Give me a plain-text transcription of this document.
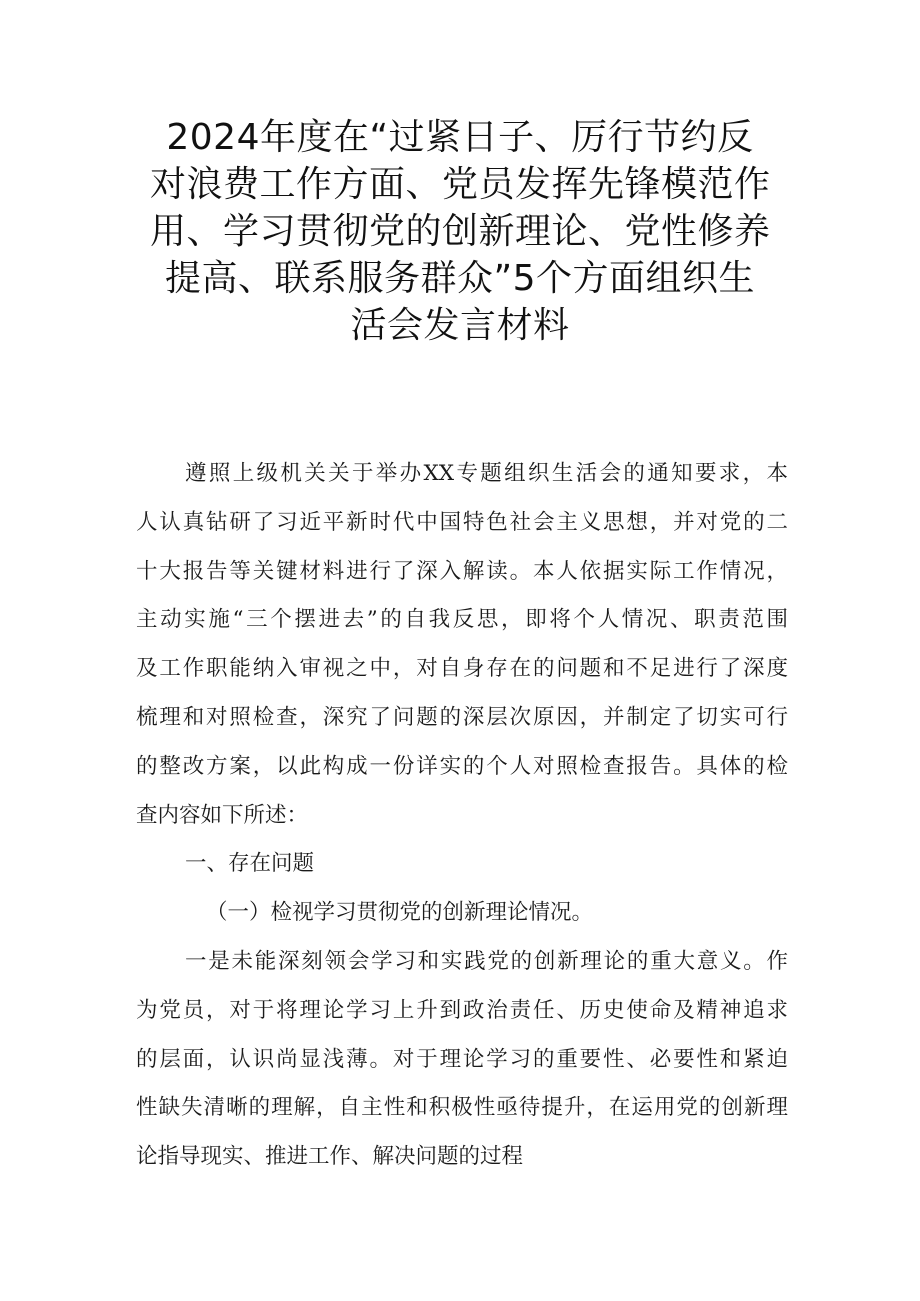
2024年度在“过紧日子、厉行节约反
对浪费工作方面、党员发挥先锋模范作
用、学习贯彻党的创新理论、党性修养
提高、联系服务群众”5个方面组织生
活会发言材料
遵照上级机关关于举办XX专题组织生活会的通知要求，本
人认真钻研了习近平新时代中国特色社会主义思想，并对党的二
十大报告等关键材料进行了深入解读。本人依据实际工作情况，
主动实施“三个摆进去”的自我反思，即将个人情况、职责范围
及工作职能纳入审视之中，对自身存在的问题和不足进行了深度
梳理和对照检查，深究了问题的深层次原因，并制定了切实可行
的整改方案，以此构成一份详实的个人对照检查报告。具体的检
查内容如下所述：
一、存在问题
（一）检视学习贯彻党的创新理论情况。
一是未能深刻领会学习和实践党的创新理论的重大意义。作
为党员，对于将理论学习上升到政治责任、历史使命及精神追求
的层面，认识尚显浅薄。对于理论学习的重要性、必要性和紧迫
性缺失清晰的理解，自主性和积极性亟待提升，在运用党的创新理
论指导现实、推进工作、解决问题的过程
